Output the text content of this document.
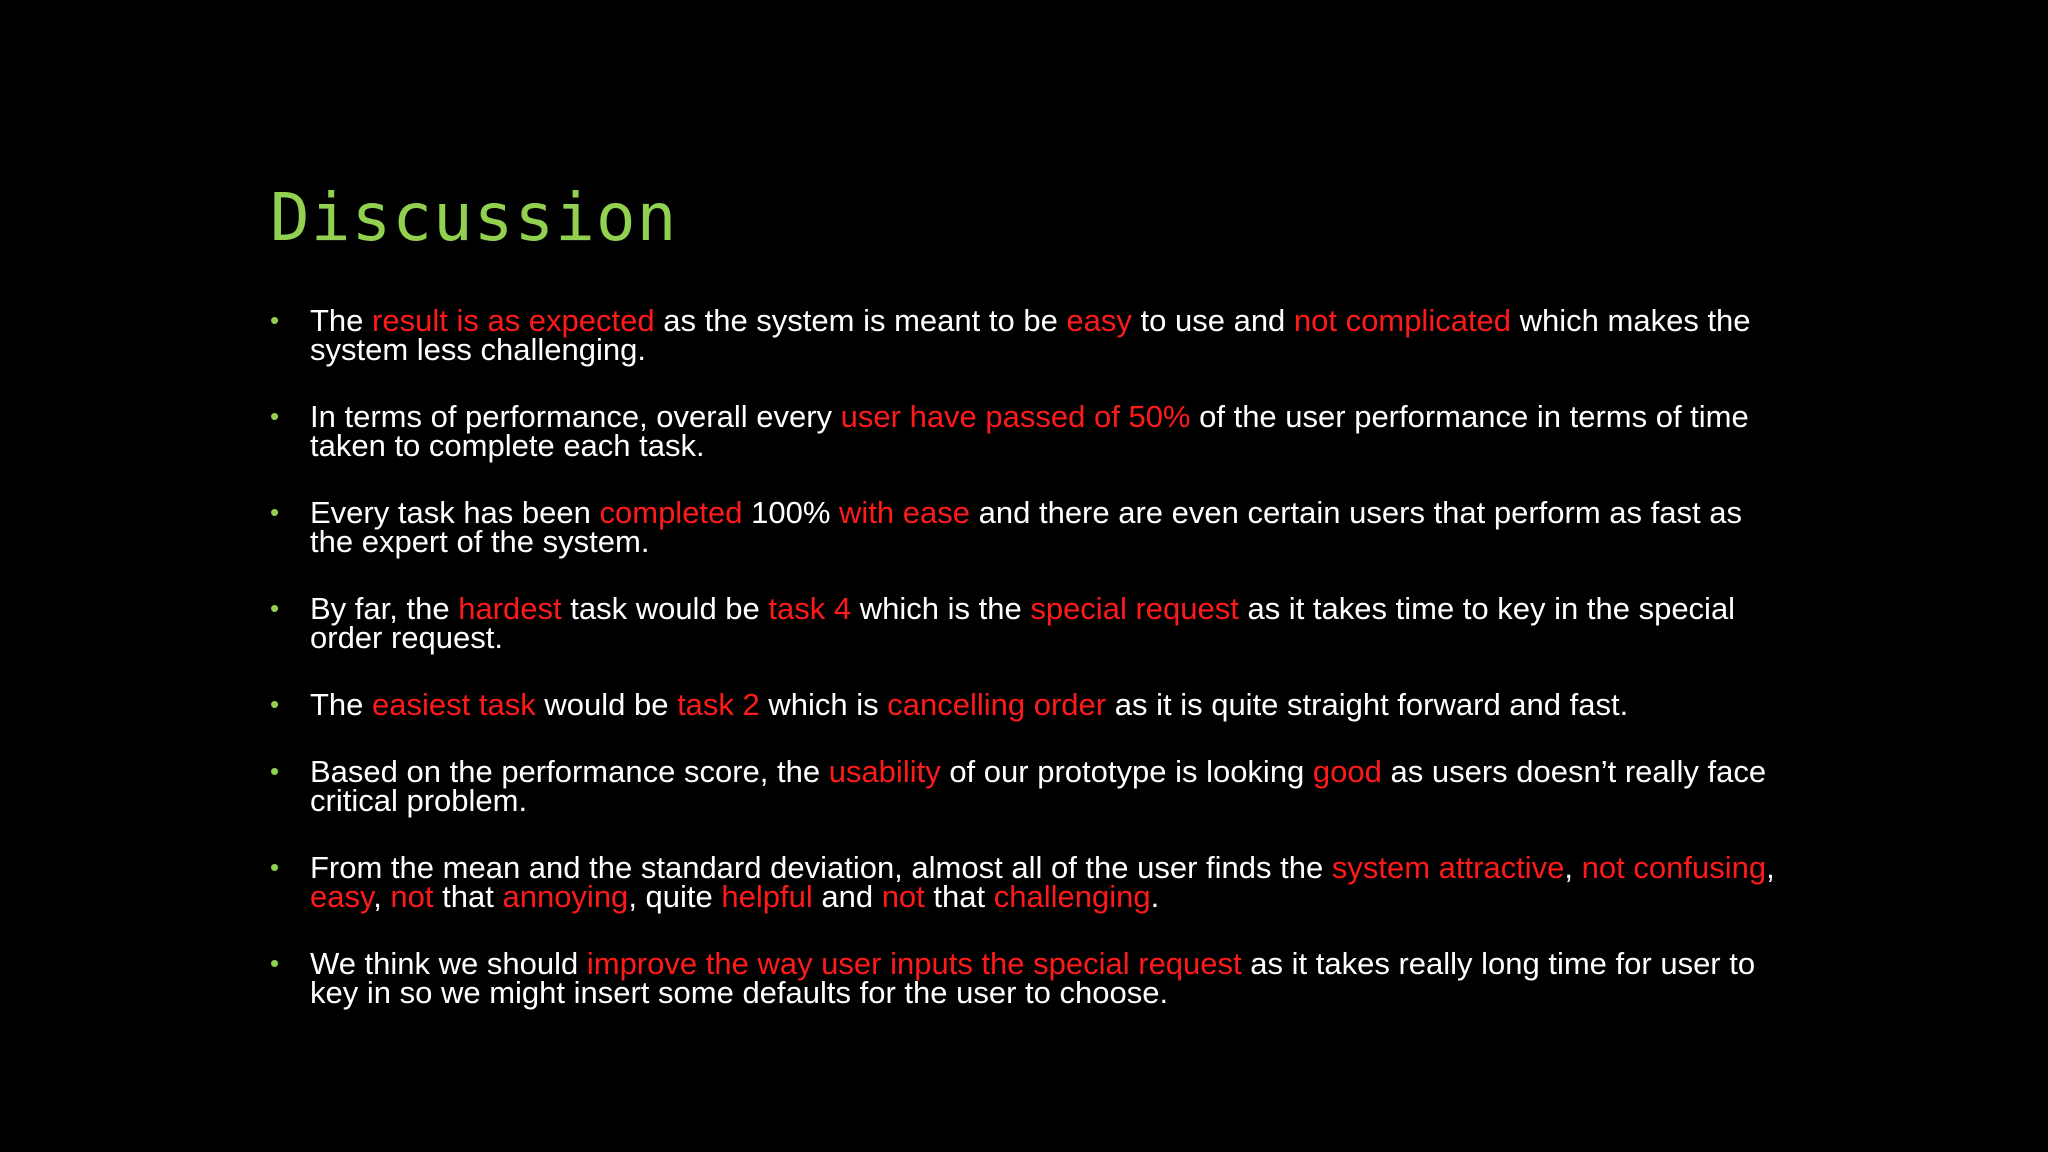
Discussion
• The result is as expected as the system is meant to be easy to use and not complicated which makes the system less challenging.
• In terms of performance, overall every user have passed of 50% of the user performance in terms of time taken to complete each task.
• Every task has been completed 100% with ease and there are even certain users that perform as fast as the expert of the system.
• By far, the hardest task would be task 4 which is the special request as it takes time to key in the special order request.
• The easiest task would be task 2 which is cancelling order as it is quite straight forward and fast.
• Based on the performance score, the usability of our prototype is looking good as users doesn’t really face critical problem.
• From the mean and the standard deviation, almost all of the user finds the system attractive, not confusing, easy, not that annoying, quite helpful and not that challenging.
• We think we should improve the way user inputs the special request as it takes really long time for user to key in so we might insert some defaults for the user to choose.
